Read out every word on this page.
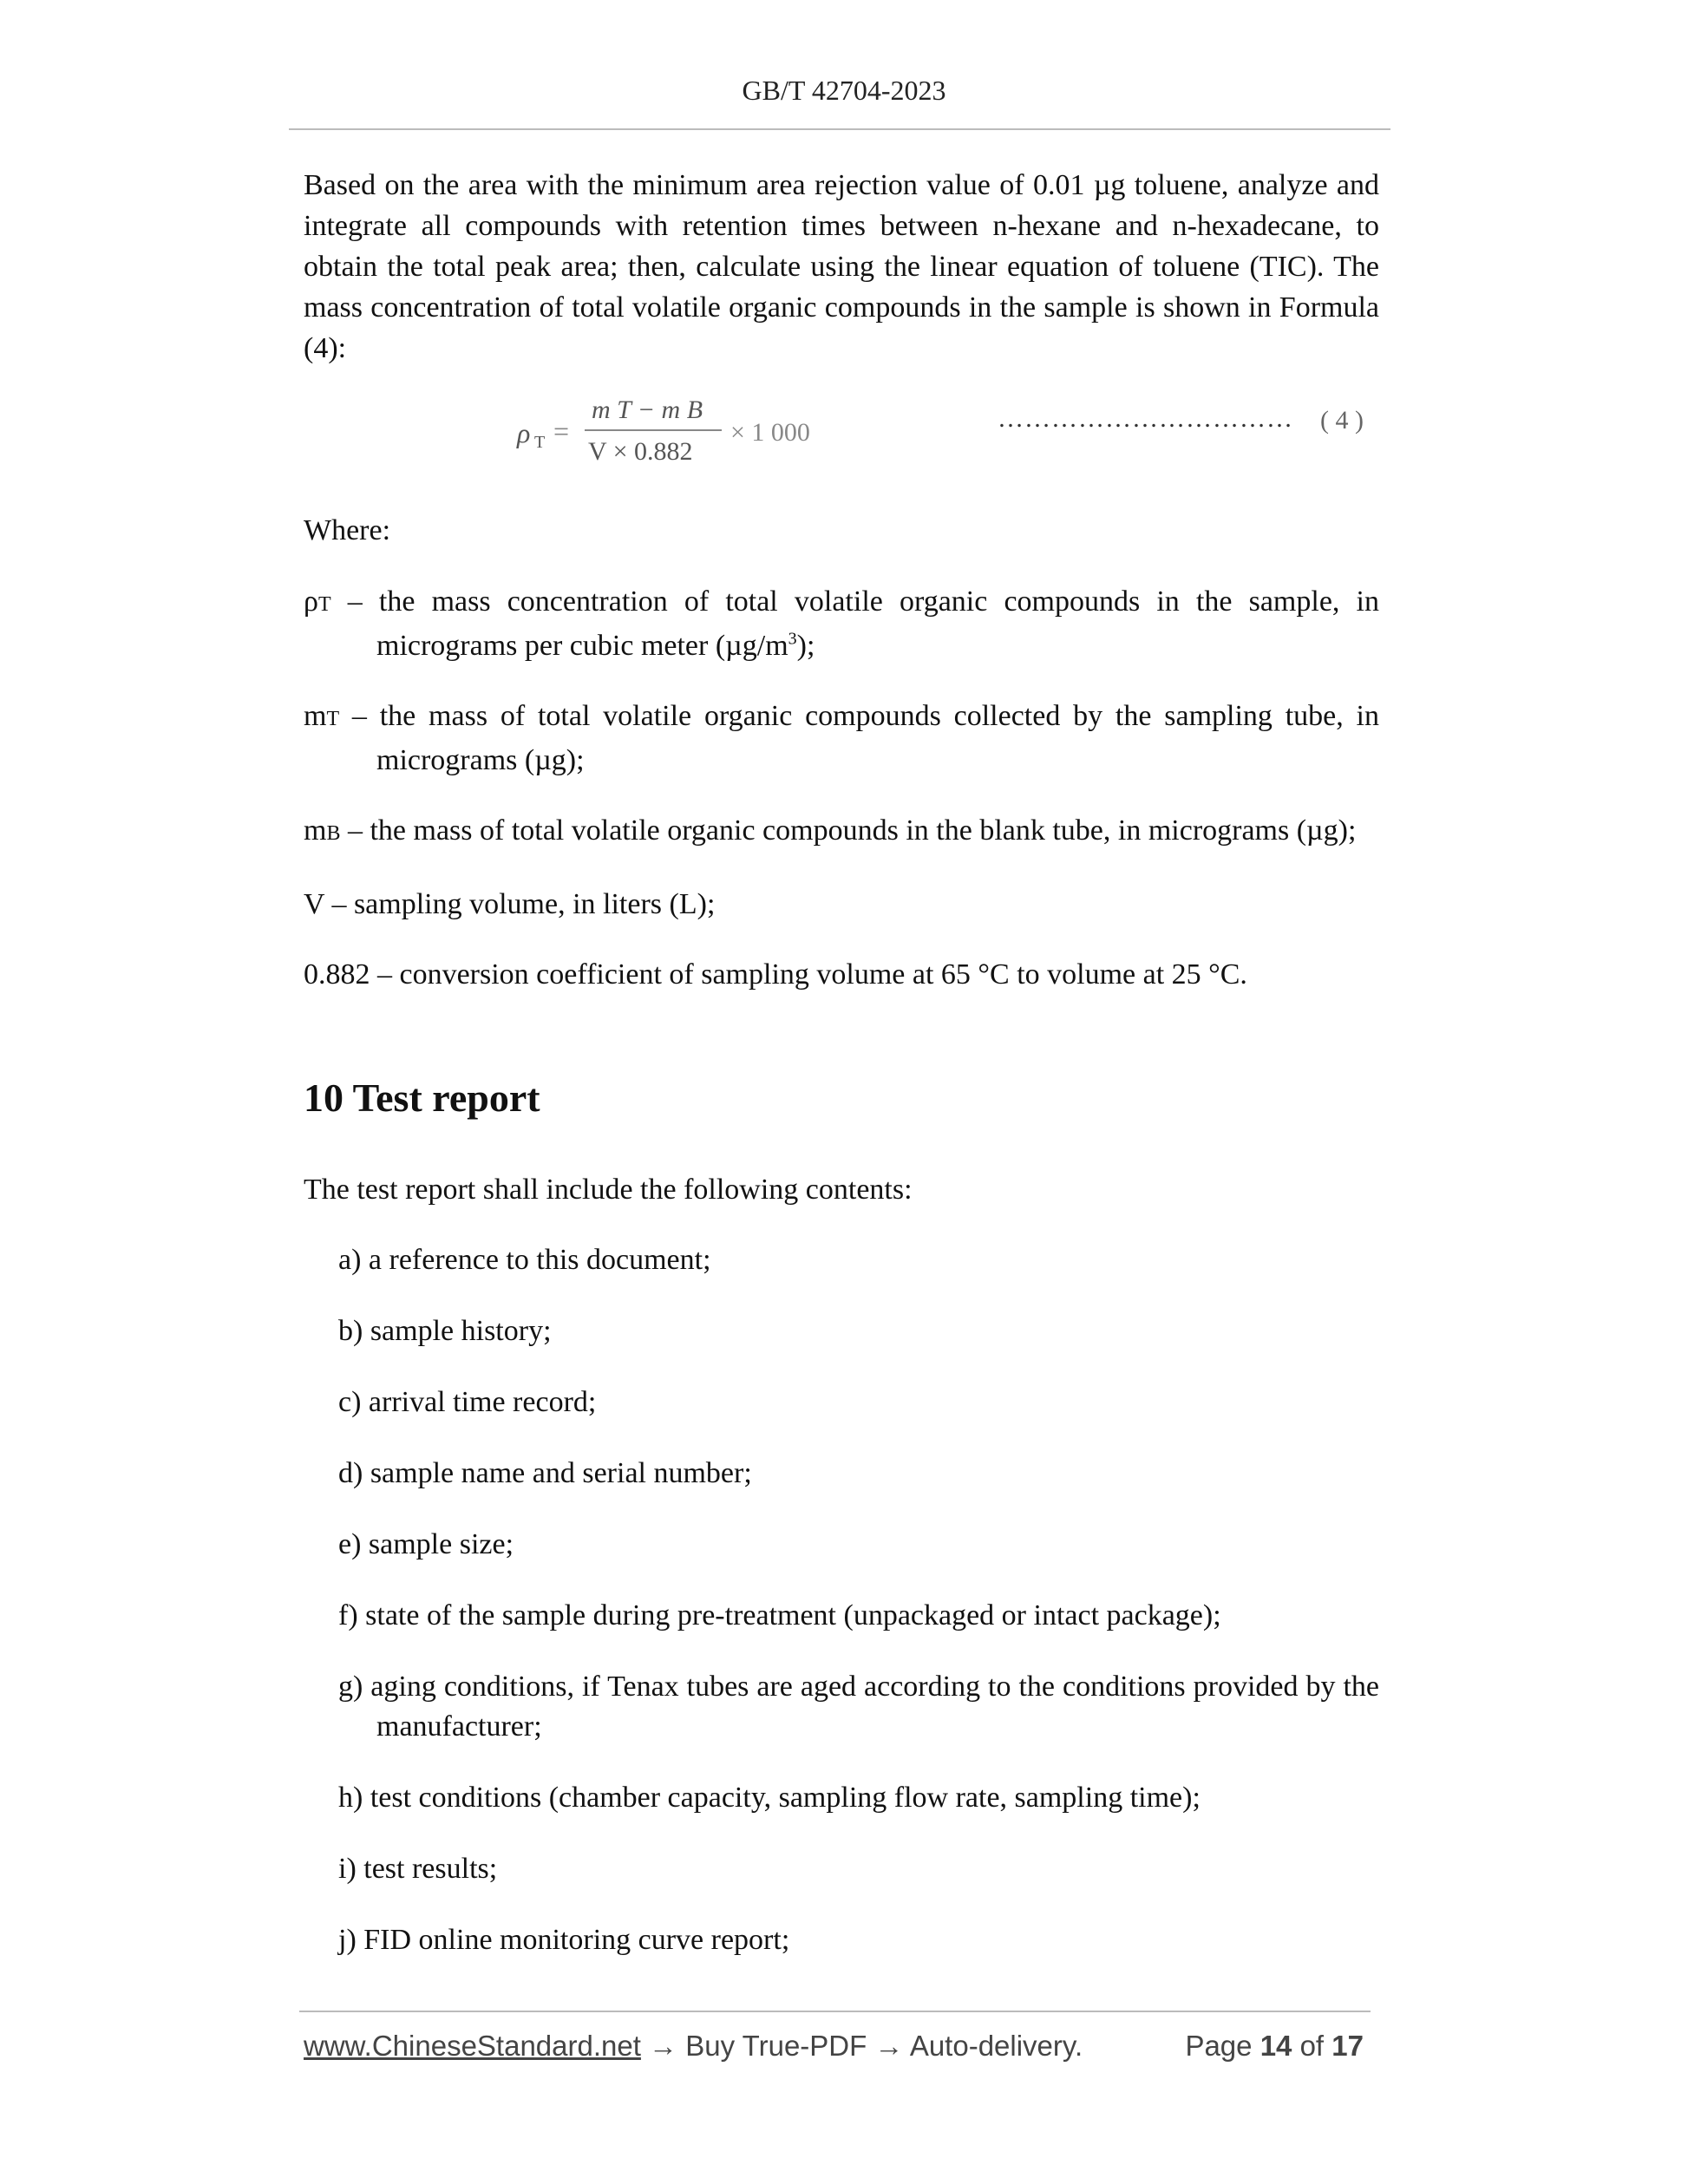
GB/T 42704-2023

Based on the area with the minimum area rejection value of 0.01 µg toluene, analyze and integrate all compounds with retention times between n-hexane and n-hexadecane, to obtain the total peak area; then, calculate using the linear equation of toluene (TIC). The mass concentration of total volatile organic compounds in the sample is shown in Formula (4):

ρ T =
m T − m B
V × 0.882
× 1 000	…………………………… ( 4 )

Where:

ρT – the mass concentration of total volatile organic compounds in the sample, in micrograms per cubic meter $(\mu g/m^3)$;

mT – the mass of total volatile organic compounds collected by the sampling tube, in micrograms (µg);

mB – the mass of total volatile organic compounds in the blank tube, in micrograms (µg);

V – sampling volume, in liters (L);

0.882 – conversion coefficient of sampling volume at 65 °C to volume at 25 °C.

10 Test report

The test report shall include the following contents:

a) a reference to this document;
b) sample history;
c) arrival time record;
d) sample name and serial number;
e) sample size;
f) state of the sample during pre-treatment (unpackaged or intact package);
g) aging conditions, if Tenax tubes are aged according to the conditions provided by the manufacturer;
h) test conditions (chamber capacity, sampling flow rate, sampling time);
i) test results;
j) FID online monitoring curve report;
www.ChineseStandard.net → Buy True-PDF → Auto-delivery.	Page 14 of 17
